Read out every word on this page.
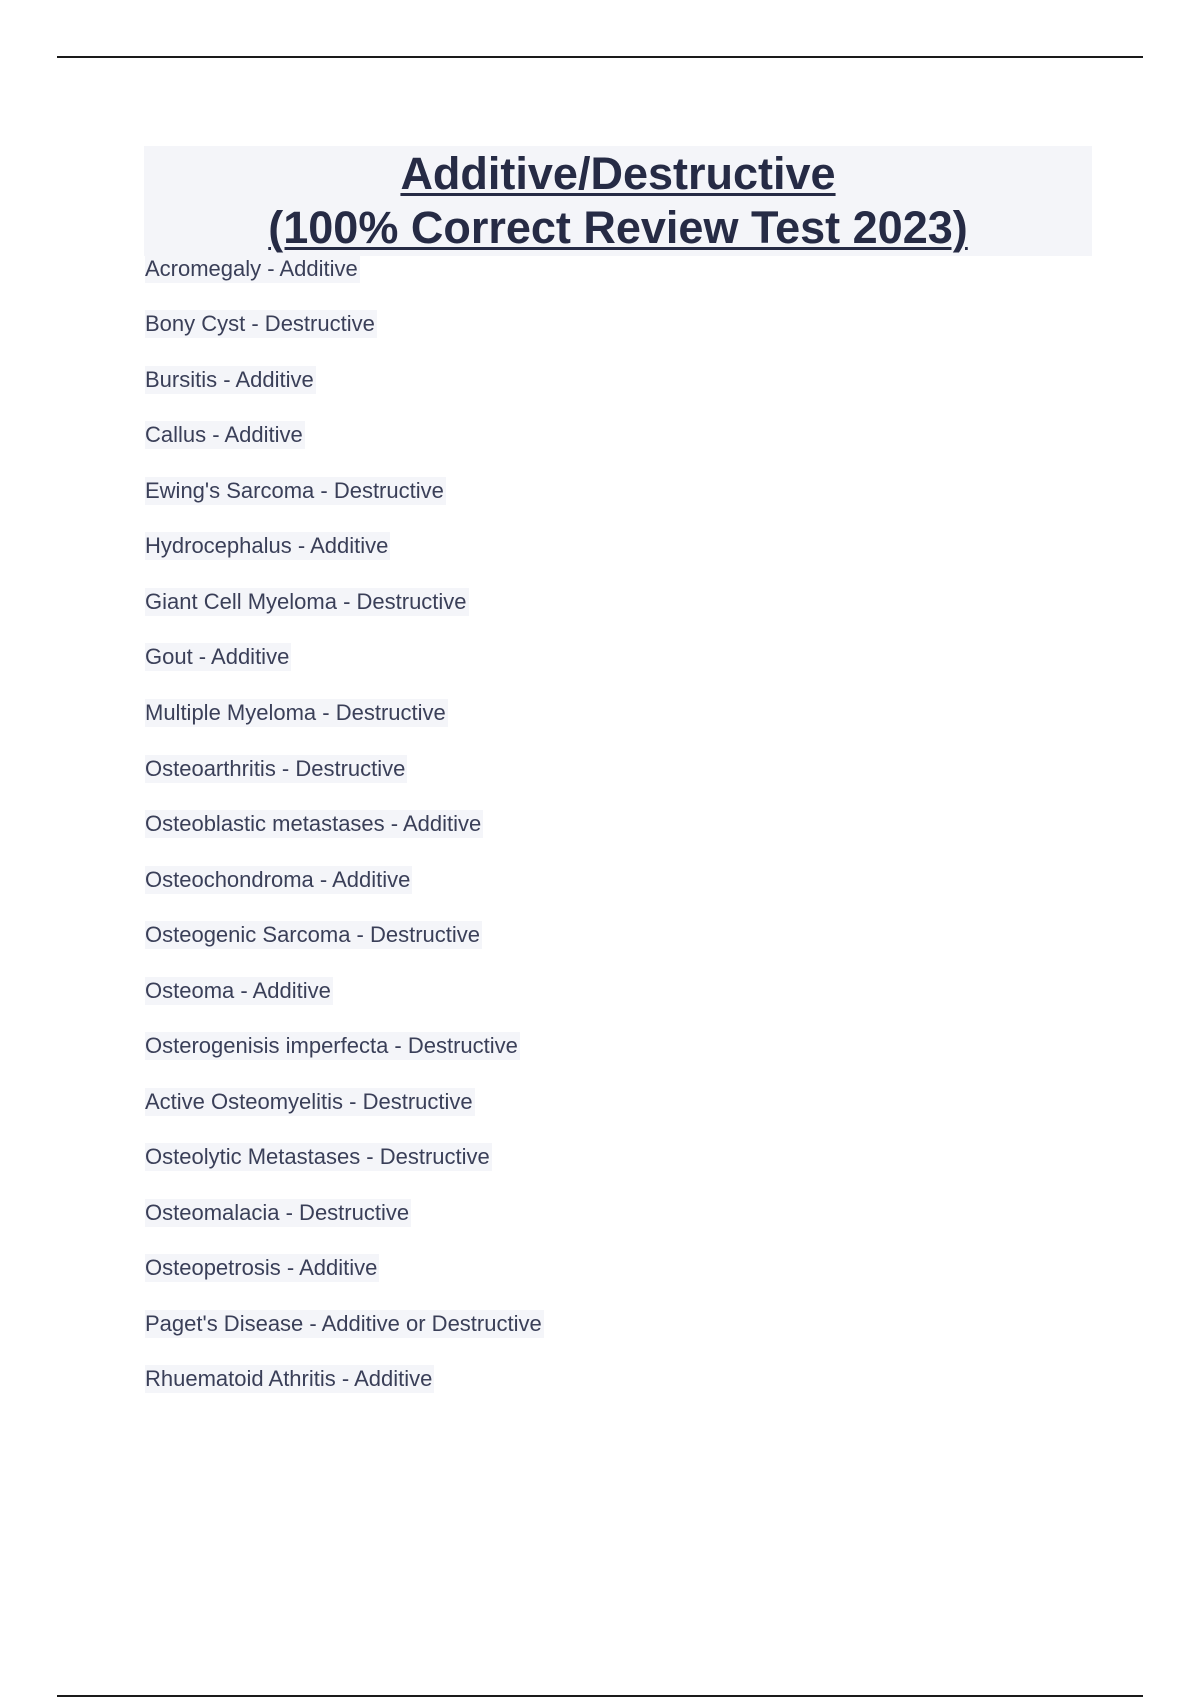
Additive/Destructive
(100% Correct Review Test 2023)
Acromegaly - Additive
Bony Cyst - Destructive
Bursitis - Additive
Callus - Additive
Ewing's Sarcoma - Destructive
Hydrocephalus - Additive
Giant Cell Myeloma - Destructive
Gout - Additive
Multiple Myeloma - Destructive
Osteoarthritis - Destructive
Osteoblastic metastases - Additive
Osteochondroma - Additive
Osteogenic Sarcoma - Destructive
Osteoma - Additive
Osterogenisis imperfecta - Destructive
Active Osteomyelitis - Destructive
Osteolytic Metastases - Destructive
Osteomalacia - Destructive
Osteopetrosis - Additive
Paget's Disease - Additive or Destructive
Rhuematoid Athritis - Additive
